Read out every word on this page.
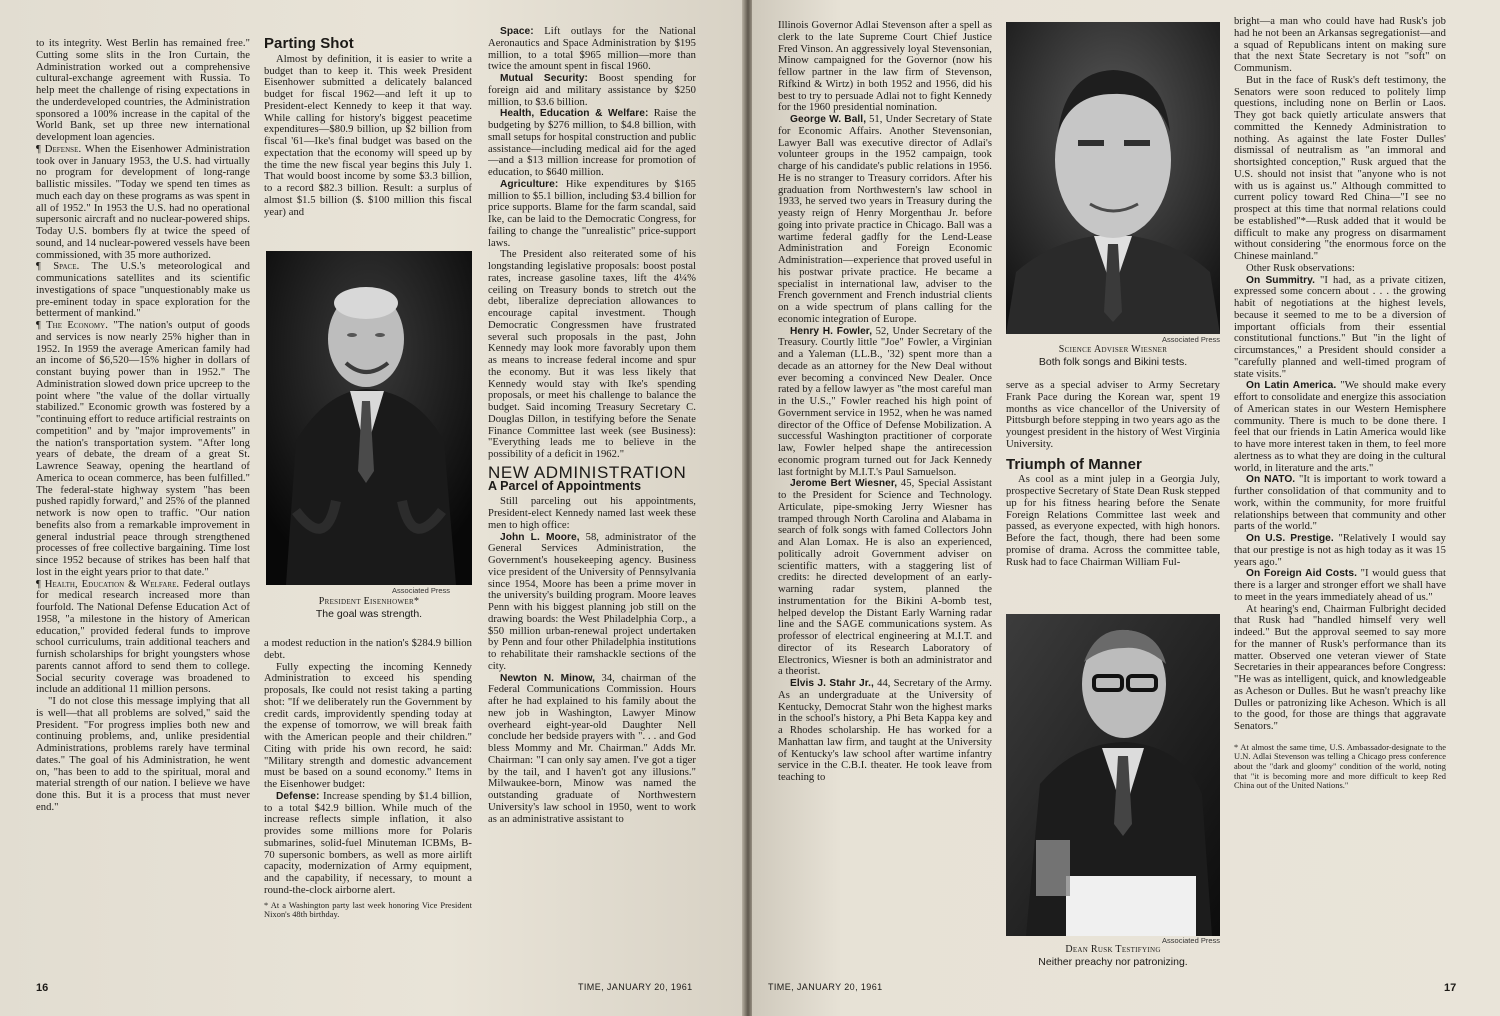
to its integrity. West Berlin has remained free." Cutting some slits in the Iron Curtain, the Administration worked out a comprehensive cultural-exchange agreement with Russia. To help meet the challenge of rising expectations in the underdeveloped countries, the Administration sponsored a 100% increase in the capital of the World Bank, set up three new international development loan agencies.

¶ Defense. When the Eisenhower Administration took over in January 1953, the U.S. had virtually no program for development of long-range ballistic missiles. "Today we spend ten times as much each day on these programs as was spent in all of 1952." In 1953 the U.S. had no operational supersonic aircraft and no nuclear-powered ships. Today U.S. bombers fly at twice the speed of sound, and 14 nuclear-powered vessels have been commissioned, with 35 more authorized.

¶ Space. The U.S.'s meteorological and communications satellites and its scientific investigations of space "unquestionably make us pre-eminent today in space exploration for the betterment of mankind."

¶ The Economy. "The nation's output of goods and services is now nearly 25% higher than in 1952. In 1959 the average American family had an income of $6,520—15% higher in dollars of constant buying power than in 1952." The Administration slowed down price upcreep to the point where "the value of the dollar virtually stabilized." Economic growth was fostered by a "continuing effort to reduce artificial restraints on competition" and by "major improvements" in the nation's transportation system. "After long years of debate, the dream of a great St. Lawrence Seaway, opening the heartland of America to ocean commerce, has been fulfilled." The federal-state highway system "has been pushed rapidly forward," and 25% of the planned network is now open to traffic. "Our nation benefits also from a remarkable improvement in general industrial peace through strengthened processes of free collective bargaining. Time lost since 1952 because of strikes has been half that lost in the eight years prior to that date."

¶ Health, Education & Welfare. Federal outlays for medical research increased more than fourfold. The National Defense Education Act of 1958, "a milestone in the history of American education," provided federal funds to improve school curriculums, train additional teachers and furnish scholarships for bright youngsters whose parents cannot afford to send them to college. Social security coverage was broadened to include an additional 11 million persons.

"I do not close this message implying that all is well—that all problems are solved," said the President. "For progress implies both new and continuing problems, and, unlike presidential Administrations, problems rarely have terminal dates." The goal of his Administration, he went on, "has been to add to the spiritual, moral and material strength of our nation. I believe we have done this. But it is a process that must never end."

Parting Shot

Almost by definition, it is easier to write a budget than to keep it. This week President Eisenhower submitted a delicately balanced budget for fiscal 1962—and left it up to President-elect Kennedy to keep it that way. While calling for history's biggest peacetime expenditures—$80.9 billion, up $2 billion from fiscal '61—Ike's final budget was based on the expectation that the economy will speed up by the time the new fiscal year begins this July 1. That would boost income by some $3.3 billion, to a record $82.3 billion. Result: a surplus of almost $1.5 billion ($. $100 million this fiscal year) and

Associated Press
President Eisenhower*
The goal was strength.

a modest reduction in the nation's $284.9 billion debt.

Fully expecting the incoming Kennedy Administration to exceed his spending proposals, Ike could not resist taking a parting shot: "If we deliberately run the Government by credit cards, improvidently spending today at the expense of tomorrow, we will break faith with the American people and their children." Citing with pride his own record, he said: "Military strength and domestic advancement must be based on a sound economy." Items in the Eisenhower budget:

Defense: Increase spending by $1.4 billion, to a total $42.9 billion. While much of the increase reflects simple inflation, it also provides some millions more for Polaris submarines, solid-fuel Minuteman ICBMs, B-70 supersonic bombers, as well as more airlift capacity, modernization of Army equipment, and the capability, if necessary, to mount a round-the-clock airborne alert.

* At a Washington party last week honoring Vice President Nixon's 48th birthday.

Space: Lift outlays for the National Aeronautics and Space Administration by $195 million, to a total $965 million—more than twice the amount spent in fiscal 1960.

Mutual Security: Boost spending for foreign aid and military assistance by $250 million, to $3.6 billion.

Health, Education & Welfare: Raise the budgeting by $276 million, to $4.8 billion, with small setups for hospital construction and public assistance—including medical aid for the aged—and a $13 million increase for promotion of education, to $640 million.

Agriculture: Hike expenditures by $165 million to $5.1 billion, including $3.4 billion for price supports. Blame for the farm scandal, said Ike, can be laid to the Democratic Congress, for failing to change the "unrealistic" price-support laws.

The President also reiterated some of his longstanding legislative proposals: boost postal rates, increase gasoline taxes, lift the 4¼% ceiling on Treasury bonds to stretch out the debt, liberalize depreciation allowances to encourage capital investment. Though Democratic Congressmen have frustrated several such proposals in the past, John Kennedy may look more favorably upon them as means to increase federal income and spur the economy. But it was less likely that Kennedy would stay with Ike's spending proposals, or meet his challenge to balance the budget. Said incoming Treasury Secretary C. Douglas Dillon, in testifying before the Senate Finance Committee last week (see Business): "Everything leads me to believe in the possibility of a deficit in 1962."

NEW ADMINISTRATION
A Parcel of Appointments

Still parceling out his appointments, President-elect Kennedy named last week these men to high office:

John L. Moore, 58, administrator of the General Services Administration, the Government's housekeeping agency. Business vice president of the University of Pennsylvania since 1954, Moore has been a prime mover in the university's building program. Moore leaves Penn with his biggest planning job still on the drawing boards: the West Philadelphia Corp., a $50 million urban-renewal project undertaken by Penn and four other Philadelphia institutions to rehabilitate their ramshackle sections of the city.

Newton N. Minow, 34, chairman of the Federal Communications Commission. Hours after he had explained to his family about the new job in Washington, Lawyer Minow overheard eight-year-old Daughter Nell conclude her bedside prayers with ". . . and God bless Mommy and Mr. Chairman." Adds Mr. Chairman: "I can only say amen. I've got a tiger by the tail, and I haven't got any illusions." Milwaukee-born, Minow was named the outstanding graduate of Northwestern University's law school in 1950, went to work as an administrative assistant to

16	TIME, JANUARY 20, 1961

Illinois Governor Adlai Stevenson after a spell as clerk to the late Supreme Court Chief Justice Fred Vinson. An aggressively loyal Stevensonian, Minow campaigned for the Governor (now his fellow partner in the law firm of Stevenson, Rifkind & Wirtz) in both 1952 and 1956, did his best to try to persuade Adlai not to fight Kennedy for the 1960 presidential nomination.

George W. Ball, 51, Under Secretary of State for Economic Affairs. Another Stevensonian, Lawyer Ball was executive director of Adlai's volunteer groups in the 1952 campaign, took charge of his candidate's public relations in 1956. He is no stranger to Treasury corridors. After his graduation from Northwestern's law school in 1933, he served two years in Treasury during the yeasty reign of Henry Morgenthau Jr. before going into private practice in Chicago. Ball was a wartime federal gadfly for the Lend-Lease Administration and Foreign Economic Administration—experience that proved useful in his postwar private practice. He became a specialist in international law, adviser to the French government and French industrial clients on a wide spectrum of plans calling for the economic integration of Europe.

Henry H. Fowler, 52, Under Secretary of the Treasury. Courtly little "Joe" Fowler, a Virginian and a Yaleman (LL.B., '32) spent more than a decade as an attorney for the New Deal without ever becoming a convinced New Dealer. Once rated by a fellow lawyer as "the most careful man in the U.S.," Fowler reached his high point of Government service in 1952, when he was named director of the Office of Defense Mobilization. A successful Washington practitioner of corporate law, Fowler helped shape the antirecession economic program turned out for Jack Kennedy last fortnight by M.I.T.'s Paul Samuelson.

Jerome Bert Wiesner, 45, Special Assistant to the President for Science and Technology. Articulate, pipe-smoking Jerry Wiesner has tramped through North Carolina and Alabama in search of folk songs with famed Collectors John and Alan Lomax. He is also an experienced, politically adroit Government adviser on scientific matters, with a staggering list of credits: he directed development of an early-warning radar system, planned the instrumentation for the Bikini A-bomb test, helped develop the Distant Early Warning radar line and the SAGE communications system. As professor of electrical engineering at M.I.T. and director of its Research Laboratory of Electronics, Wiesner is both an administrator and a theorist.

Elvis J. Stahr Jr., 44, Secretary of the Army. As an undergraduate at the University of Kentucky, Democrat Stahr won the highest marks in the school's history, a Phi Beta Kappa key and a Rhodes scholarship. He has worked for a Manhattan law firm, and taught at the University of Kentucky's law school after wartime infantry service in the C.B.I. theater. He took leave from teaching to

Associated Press
Science Adviser Wiesner
Both folk songs and Bikini tests.

serve as a special adviser to Army Secretary Frank Pace during the Korean war, spent 19 months as vice chancellor of the University of Pittsburgh before stepping in two years ago as the youngest president in the history of West Virginia University.

Triumph of Manner

As cool as a mint julep in a Georgia July, prospective Secretary of State Dean Rusk stepped up for his fitness hearing before the Senate Foreign Relations Committee last week and passed, as everyone expected, with high honors. Before the fact, though, there had been some promise of drama. Across the committee table, Rusk had to face Chairman William Ful-

Associated Press
Dean Rusk Testifying
Neither preachy nor patronizing.

bright—a man who could have had Rusk's job had he not been an Arkansas segregationist—and a squad of Republicans intent on making sure that the next State Secretary is not "soft" on Communism.

But in the face of Rusk's deft testimony, the Senators were soon reduced to politely limp questions, including none on Berlin or Laos. They got back quietly articulate answers that committed the Kennedy Administration to nothing. As against the late Foster Dulles' dismissal of neutralism as "an immoral and shortsighted conception," Rusk argued that the U.S. should not insist that "anyone who is not with us is against us." Although committed to current policy toward Red China—"I see no prospect at this time that normal relations could be established"*—Rusk added that it would be difficult to make any progress on disarmament without considering "the enormous force on the Chinese mainland."

Other Rusk observations:

On Summitry. "I had, as a private citizen, expressed some concern about . . . the growing habit of negotiations at the highest levels, because it seemed to me to be a diversion of important officials from their essential constitutional functions." But "in the light of circumstances," a President should consider a "carefully planned and well-timed program of state visits."

On Latin America. "We should make every effort to consolidate and energize this association of American states in our Western Hemisphere community. There is much to be done there. I feel that our friends in Latin America would like to have more interest taken in them, to feel more alertness as to what they are doing in the cultural world, in literature and the arts."

On NATO. "It is important to work toward a further consolidation of that community and to work, within the community, for more fruitful relationships between that community and other parts of the world."

On U.S. Prestige. "Relatively I would say that our prestige is not as high today as it was 15 years ago."

On Foreign Aid Costs. "I would guess that there is a larger and stronger effort we shall have to meet in the years immediately ahead of us."

At hearing's end, Chairman Fulbright decided that Rusk had "handled himself very well indeed." But the approval seemed to say more for the manner of Rusk's performance than its matter. Observed one veteran viewer of State Secretaries in their appearances before Congress: "He was as intelligent, quick, and knowledgeable as Acheson or Dulles. But he wasn't preachy like Dulles or patronizing like Acheson. Which is all to the good, for those are things that aggravate Senators."

* At almost the same time, U.S. Ambassador-designate to the U.N. Adlai Stevenson was telling a Chicago press conference about the "dark and gloomy" condition of the world, noting that "it is becoming more and more difficult to keep Red China out of the United Nations."

TIME, JANUARY 20, 1961	17
